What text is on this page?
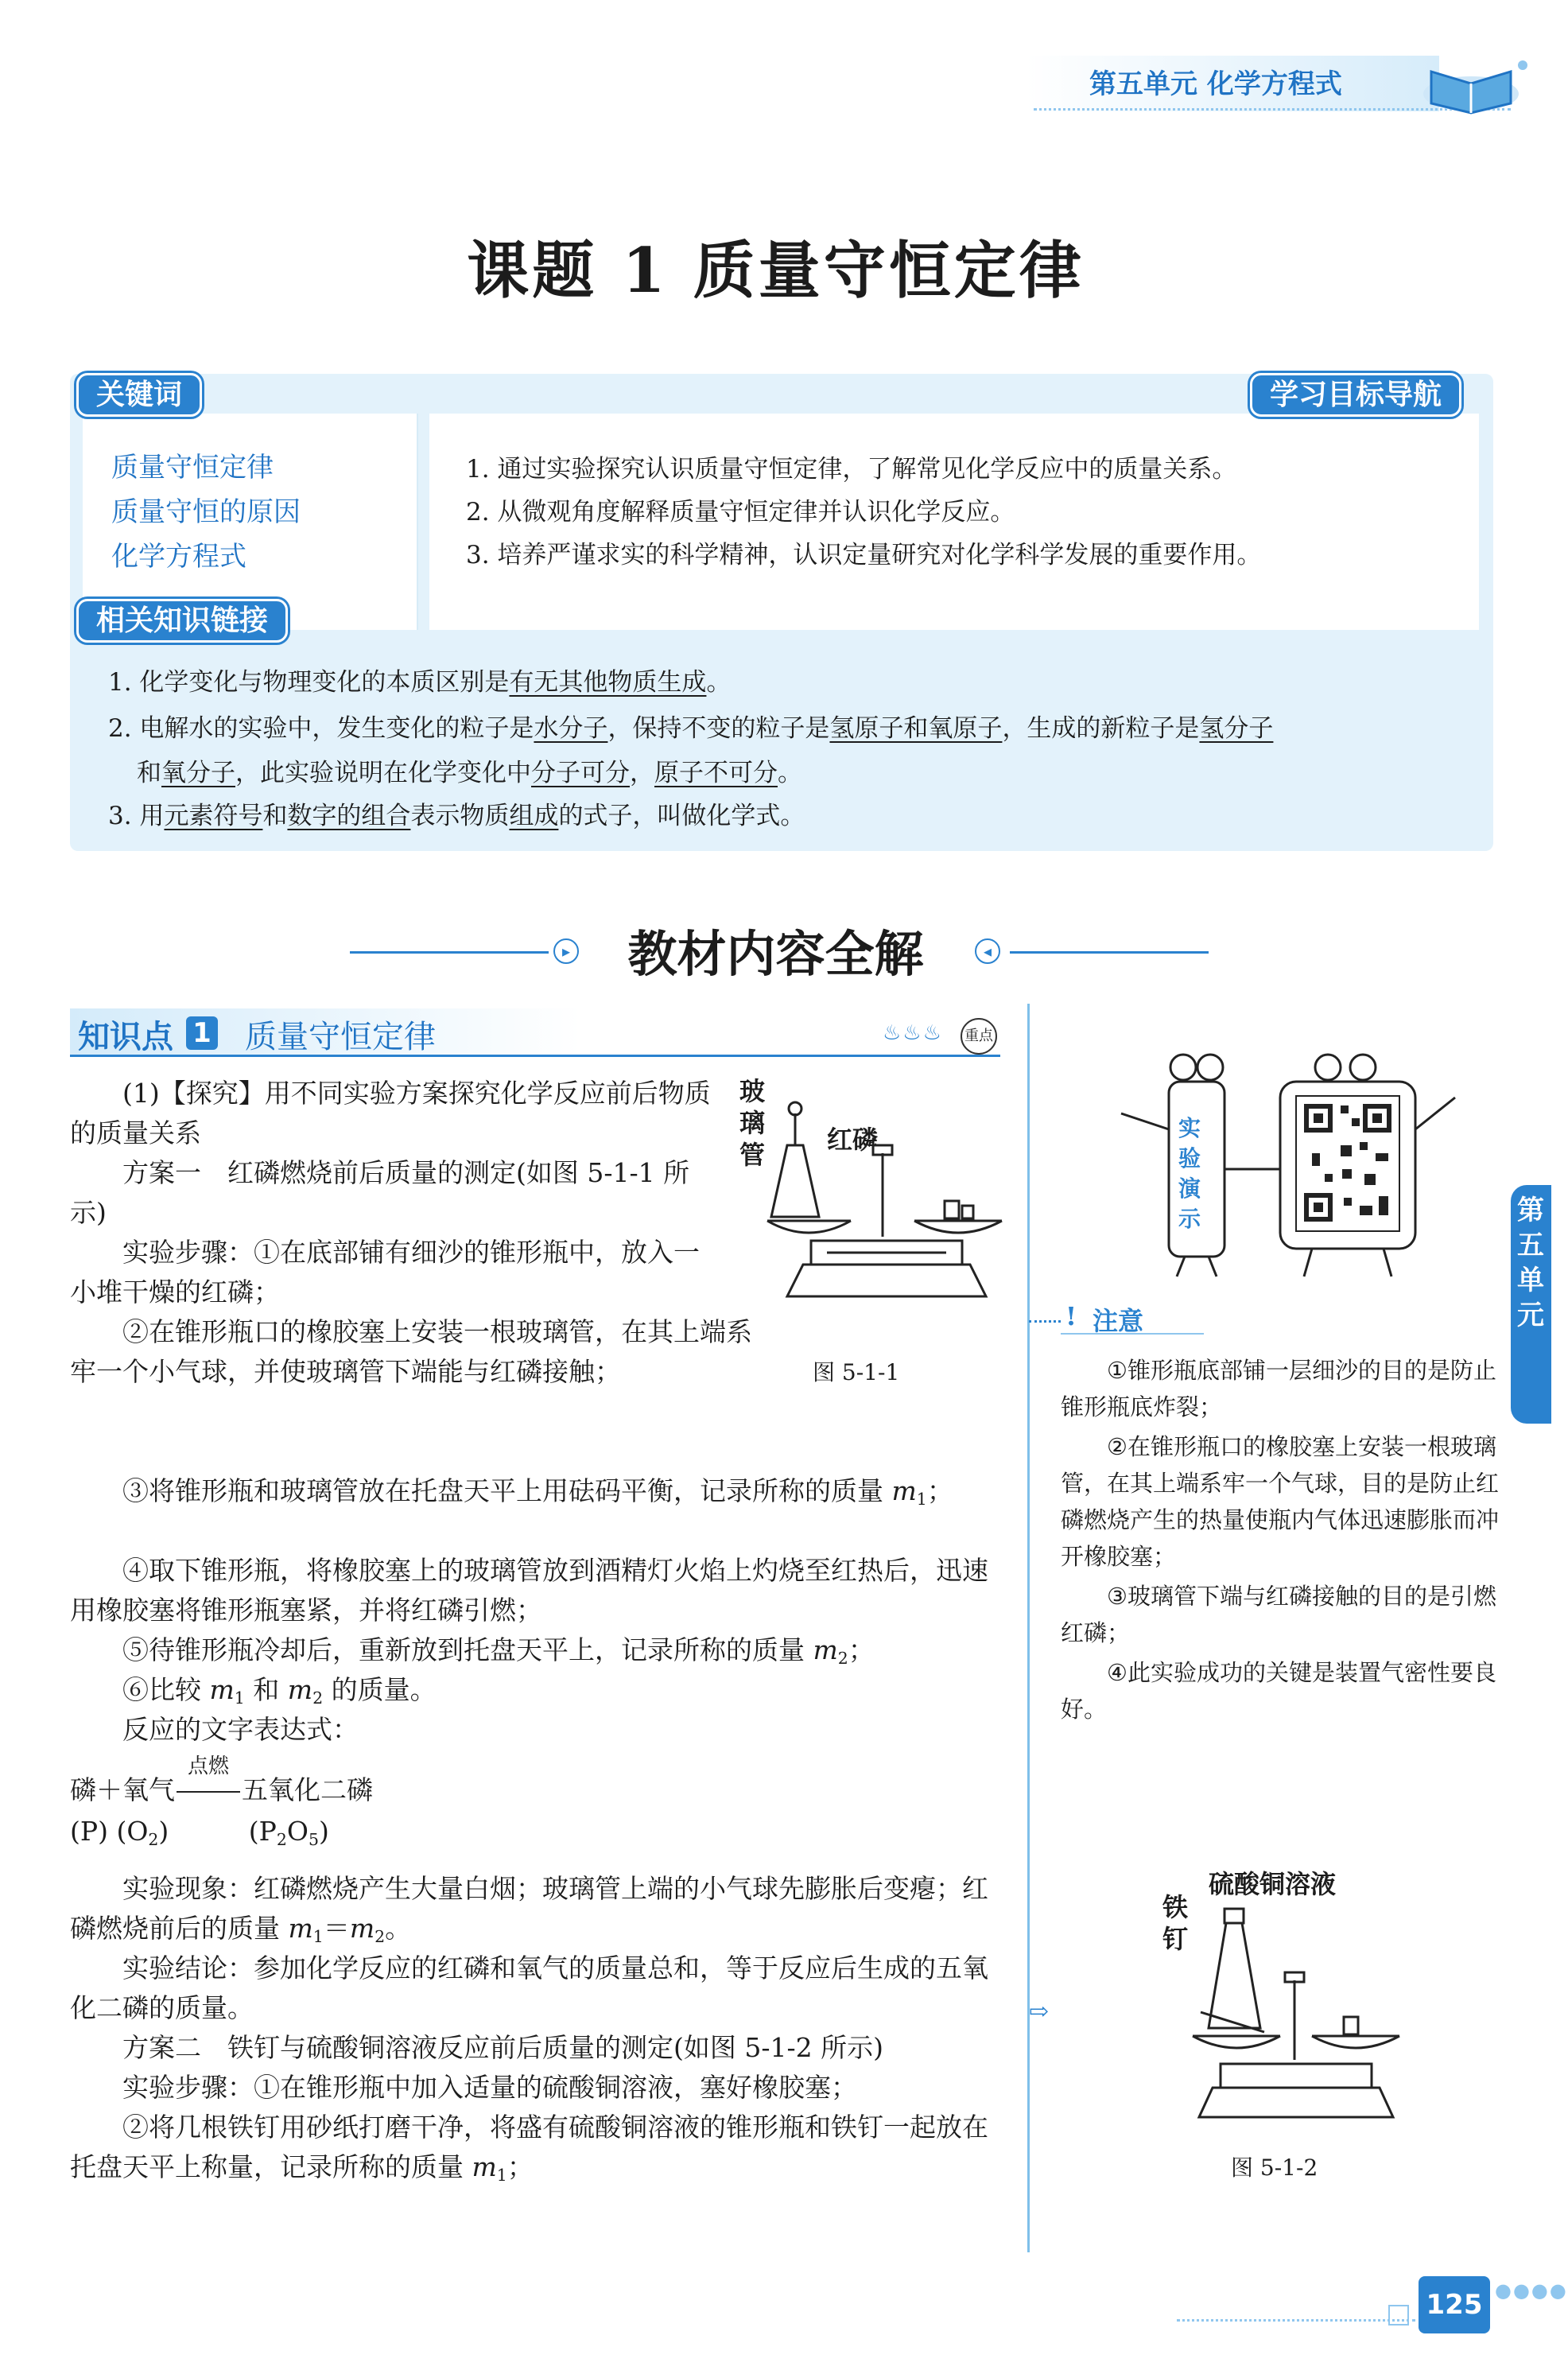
第五单元 化学方程式
课题 1 质量守恒定律
关键词	学习目标导航
质量守恒定律
质量守恒的原因
化学方程式
1. 通过实验探究认识质量守恒定律，了解常见化学反应中的质量关系。
2. 从微观角度解释质量守恒定律并认识化学反应。
3. 培养严谨求实的科学精神，认识定量研究对化学科学发展的重要作用。
相关知识链接
1. 化学变化与物理变化的本质区别是有无其他物质生成。
2. 电解水的实验中，发生变化的粒子是水分子，保持不变的粒子是氢原子和氧原子，生成的新粒子是氢分子
和氧分子，此实验说明在化学变化中分子可分，原子不可分。
3. 用元素符号和数字的组合表示物质组成的式子，叫做化学式。
▸	教材内容全解	◂
知识点 1 质量守恒定律	♨♨♨ 重点
(1)【探究】用不同实验方案探究化学反应前后物质的质量关系
方案一　红磷燃烧前后质量的测定(如图 5-1-1 所示)
实验步骤：①在底部铺有细沙的锥形瓶中，放入一小堆干燥的红磷；
②在锥形瓶口的橡胶塞上安装一根玻璃管，在其上端系牢一个小气球，并使玻璃管下端能与红磷接触；
③将锥形瓶和玻璃管放在托盘天平上用砝码平衡，记录所称的质量 $m_1$；
④取下锥形瓶，将橡胶塞上的玻璃管放到酒精灯火焰上灼烧至红热后，迅速用橡胶塞将锥形瓶塞紧，并将红磷引燃；
⑤待锥形瓶冷却后，重新放到托盘天平上，记录所称的质量 $m_2$；
⑥比较 $m_1$ 和 $m_2$ 的质量。
反应的文字表达式：
磷＋氧气
点燃
五氧化二磷
(P) $(O_2)$	$(P_2O_5)$
实验现象：红磷燃烧产生大量白烟；玻璃管上端的小气球先膨胀后变瘪；红磷燃烧前后的质量 $m_1=m_2$。
实验结论：参加化学反应的红磷和氧气的质量总和，等于反应后生成的五氧化二磷的质量。
方案二　铁钉与硫酸铜溶液反应前后质量的测定(如图 5-1-2 所示)
实验步骤：①在锥形瓶中加入适量的硫酸铜溶液，塞好橡胶塞；
②将几根铁钉用砂纸打磨干净，将盛有硫酸铜溶液的锥形瓶和铁钉一起放在托盘天平上称量，记录所称的质量 $m_1$；
玻璃管 红磷
图 5-1-1
实验演示
! 注意
①锥形瓶底部铺一层细沙的目的是防止锥形瓶底炸裂；
②在锥形瓶口的橡胶塞上安装一根玻璃管，在其上端系牢一个气球，目的是防止红磷燃烧产生的热量使瓶内气体迅速膨胀而冲开橡胶塞；
③玻璃管下端与红磷接触的目的是引燃红磷；
④此实验成功的关键是装置气密性要良好。
第五单元
硫酸铜溶液
铁钉
⇨
图 5-1-2
125 ●●●●
